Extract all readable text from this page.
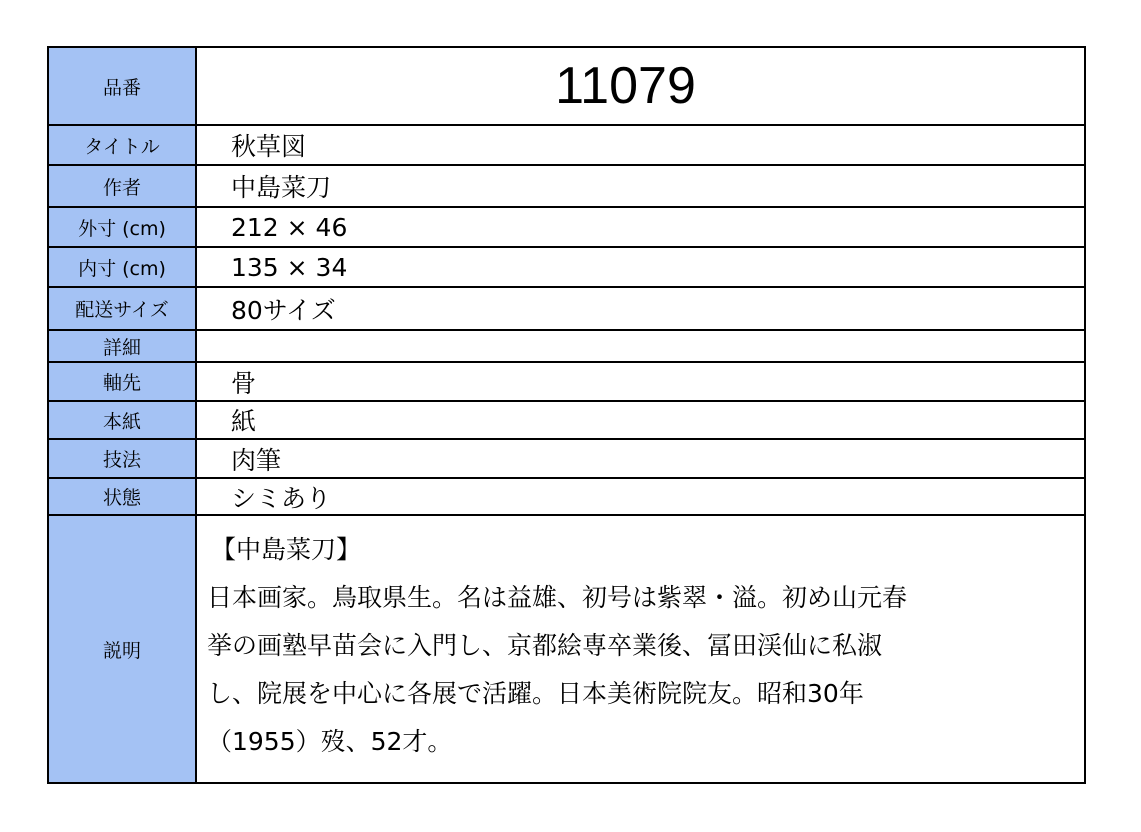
品番	11079
タイトル	秋草図
作者	中島菜刀
外寸 (cm)	212 × 46
内寸 (cm)	135 × 34
配送サイズ	80サイズ
詳細
軸先	骨
本紙	紙
技法	肉筆
状態	シミあり
説明

【中島菜刀】

日本画家。鳥取県生。名は益雄、初号は紫翠・溢。初め山元春

挙の画塾早苗会に入門し、京都絵専卒業後、冨田渓仙に私淑

し、院展を中心に各展で活躍。日本美術院院友。昭和30年

（1955）歿、52才。
